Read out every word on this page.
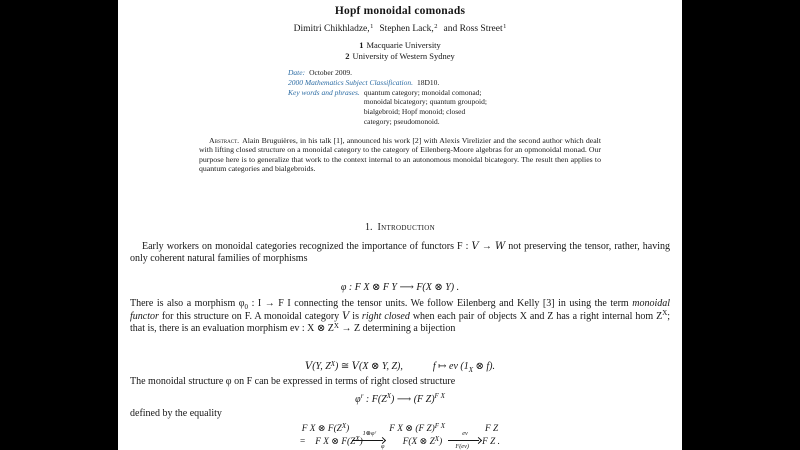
Hopf monoidal comonads
Dimitri Chikhladze,$^1$ Stephen Lack,$^2$ and Ross Street$^1$
1 Macquarie University
2 University of Western Sydney
Date: October 2009.
2000 Mathematics Subject Classification. 18D10.
Key words and phrases. quantum category; monoidal comonad; monoidal bicategory; quantum groupoid; bialgebroid; Hopf monoid; closed category; pseudomonoid.
Abstract. Alain Bruguières, in his talk [1], announced his work [2] with Alexis Virelizier and the second author which dealt with lifting closed structure on a monoidal category to the category of Eilenberg-Moore algebras for an opmonoidal monad. Our purpose here is to generalize that work to the context internal to an autonomous monoidal bicategory. The result then applies to quantum categories and bialgebroids.
1. Introduction

Early workers on monoidal categories recognized the importance of functors F : V → W not preserving the tensor, rather, having only coherent natural families of morphisms

φ : F X ⊗ F Y ⟶ F(X ⊗ Y) .

There is also a morphism $\varphi_0$ : I → F I connecting the tensor units. We follow Eilenberg and Kelly [3] in using the term monoidal functor for this structure on F. A monoidal category V is right closed when each pair of objects X and Z has a right internal hom $Z^X$; that is, there is an evaluation morphism ev : X ⊗ $Z^X \to Z$ determining a bijection

V(Y, $Z^X$) ≅ V(X ⊗ Y, Z),	f ↦ ev ($1_X$ ⊗ f).

The monoidal structure φ on F can be expressed in terms of right closed structure

$\varphi^r$ : $F(Z^X)$ ⟶ (F Z)$^{F X}$

defined by the equality

F X ⊗ $F(Z^X)$ 1⊗φʳ F X ⊗ (F Z)$^{F X}$
ev F Z
= F X ⊗ $F(Z^X)$	φ F(X ⊗ $Z^X$) F(ev) F Z .
